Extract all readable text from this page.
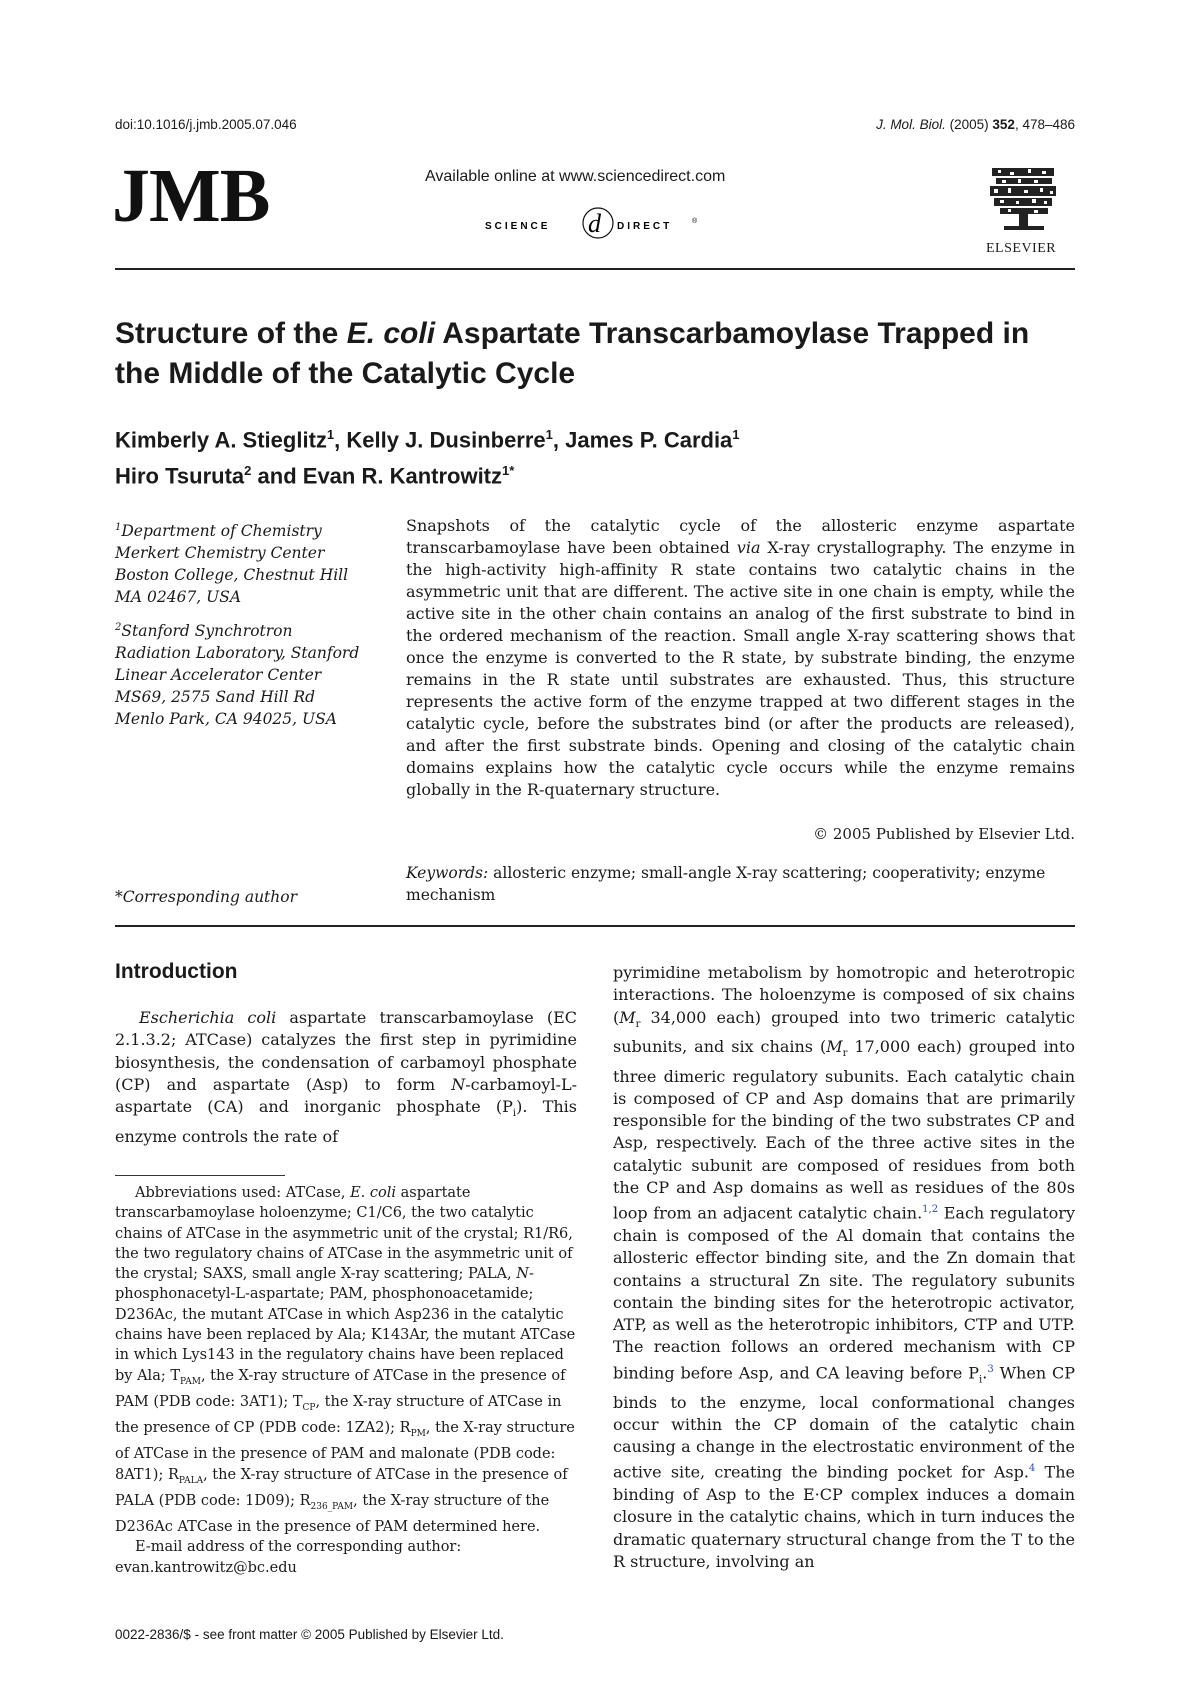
doi:10.1016/j.jmb.2005.07.046	J. Mol. Biol. (2005) 352, 478–486
JMB	Available online at www.sciencedirect.com
SCIENCE d DIRECT	®
ELSEVIER
Structure of the E. coli Aspartate Transcarbamoylase Trapped in the Middle of the Catalytic Cycle
Kimberly A. Stieglitz$^1$, Kelly J. Dusinberre$^1$, James P. Cardia$^1$
Hiro Tsuruta$^2$ and Evan R. Kantrowitz$^{1*}$
$^1$Department of Chemistry
Merkert Chemistry Center
Boston College, Chestnut Hill
MA 02467, USA
$^2$Stanford Synchrotron
Radiation Laboratory, Stanford
Linear Accelerator Center
MS69, 2575 Sand Hill Rd
Menlo Park, CA 94025, USA
*Corresponding author
Snapshots of the catalytic cycle of the allosteric enzyme aspartate transcarbamoylase have been obtained via X-ray crystallography. The enzyme in the high-activity high-affinity R state contains two catalytic chains in the asymmetric unit that are different. The active site in one chain is empty, while the active site in the other chain contains an analog of the first substrate to bind in the ordered mechanism of the reaction. Small angle X-ray scattering shows that once the enzyme is converted to the R state, by substrate binding, the enzyme remains in the R state until substrates are exhausted. Thus, this structure represents the active form of the enzyme trapped at two different stages in the catalytic cycle, before the substrates bind (or after the products are released), and after the first substrate binds. Opening and closing of the catalytic chain domains explains how the catalytic cycle occurs while the enzyme remains globally in the R-quaternary structure.
© 2005 Published by Elsevier Ltd.
Keywords: allosteric enzyme; small-angle X-ray scattering; cooperativity; enzyme mechanism
Introduction
Escherichia coli aspartate transcarbamoylase (EC 2.1.3.2; ATCase) catalyzes the first step in pyrimidine biosynthesis, the condensation of carbamoyl phosphate (CP) and aspartate (Asp) to form N-carbamoyl-L-aspartate (CA) and inorganic phosphate $(P_i)$. This enzyme controls the rate of
pyrimidine metabolism by homotropic and heterotropic interactions. The holoenzyme is composed of six chains ($M_r$ 34,000 each) grouped into two trimeric catalytic subunits, and six chains ($M_r$ 17,000 each) grouped into three dimeric regulatory subunits. Each catalytic chain is composed of CP and Asp domains that are primarily responsible for the binding of the two substrates CP and Asp, respectively. Each of the three active sites in the catalytic subunit are composed of residues from both the CP and Asp domains as well as residues of the 80s loop from an adjacent catalytic chain.$^{1,2}$ Each regulatory chain is composed of the Al domain that contains the allosteric effector binding site, and the Zn domain that contains a structural Zn site. The regulatory subunits contain the binding sites for the heterotropic activator, ATP, as well as the heterotropic inhibitors, CTP and UTP. The reaction follows an ordered mechanism with CP binding before Asp, and CA leaving before $P_i.^3$ When CP binds to the enzyme, local conformational changes occur within the CP domain of the catalytic chain causing a change in the electrostatic environment of the active site, creating the binding pocket for Asp.$^4$ The binding of Asp to the E·CP complex induces a domain closure in the catalytic chains, which in turn induces the dramatic quaternary structural change from the T to the R structure, involving an
Abbreviations used: ATCase, E. coli aspartate transcarbamoylase holoenzyme; C1/C6, the two catalytic chains of ATCase in the asymmetric unit of the crystal; R1/R6, the two regulatory chains of ATCase in the asymmetric unit of the crystal; SAXS, small angle X-ray scattering; PALA, N-phosphonacetyl-L-aspartate; PAM, phosphonoacetamide; D236Ac, the mutant ATCase in which Asp236 in the catalytic chains have been replaced by Ala; K143Ar, the mutant ATCase in which Lys143 in the regulatory chains have been replaced by Ala; $T_{PAM}$, the X-ray structure of ATCase in the presence of PAM (PDB code: 3AT1); $T_{CP}$, the X-ray structure of ATCase in the presence of CP (PDB code: 1ZA2); $R_{PM}$, the X-ray structure of ATCase in the presence of PAM and malonate (PDB code: 8AT1); $R_{PALA}$, the X-ray structure of ATCase in the presence of PALA (PDB code: 1D09); $R_{236\_PAM}$, the X-ray structure of the D236Ac ATCase in the presence of PAM determined here.
E-mail address of the corresponding author:
evan.kantrowitz@bc.edu
0022-2836/$ - see front matter © 2005 Published by Elsevier Ltd.
